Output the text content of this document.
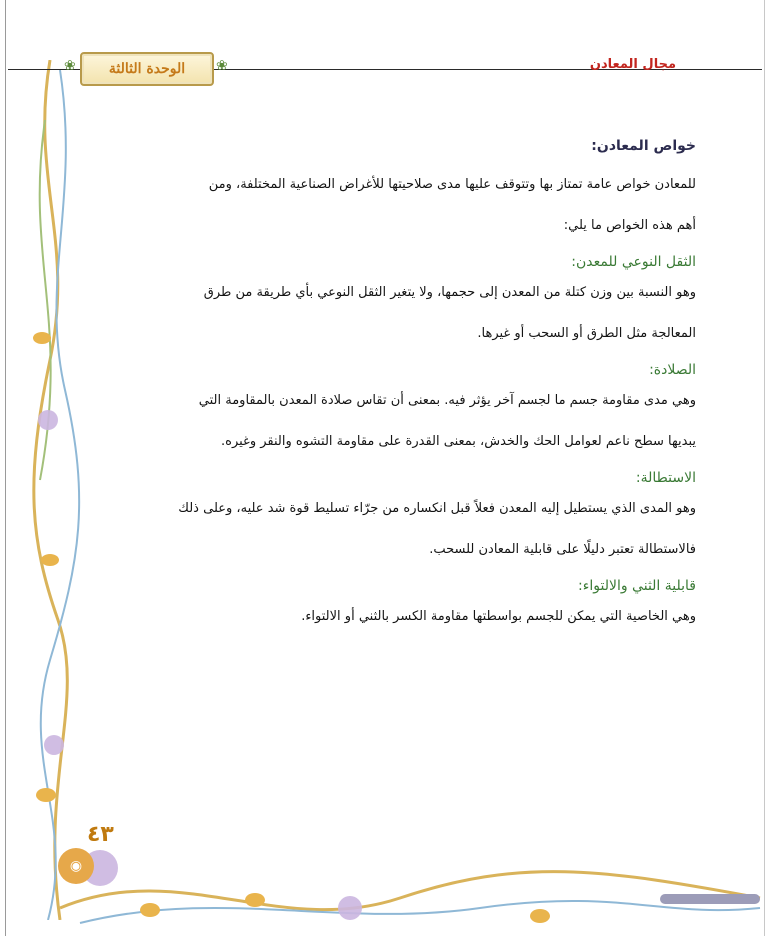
❀ الوحدة الثالثة ❀	مجال المعادن

خواص المعادن:

للمعادن خواص عامة تمتاز بها وتتوقف عليها مدى صلاحيتها للأغراض الصناعية المختلفة، ومن

أهم هذه الخواص ما يلي:

الثقل النوعي للمعدن:

وهو النسبة بين وزن كتلة من المعدن إلى حجمها، ولا يتغير الثقل النوعي بأي طريقة من طرق

المعالجة مثل الطرق أو السحب أو غيرها.

الصلادة:

وهي مدى مقاومة جسم ما لجسم آخر يؤثر فيه. بمعنى أن تقاس صلادة المعدن بالمقاومة التي

يبديها سطح ناعم لعوامل الحك والخدش، بمعنى القدرة على مقاومة التشوه والنقر وغيره.

الاستطالة:

وهو المدى الذي يستطيل إليه المعدن فعلاً قبل انكساره من جرّاء تسليط قوة شد عليه، وعلى ذلك

فالاستطالة تعتبر دليلًا على قابلية المعادن للسحب.

قابلية الثني والالتواء:

وهي الخاصية التي يمكن للجسم بواسطتها مقاومة الكسر بالثني أو الالتواء.

٤٣
◉
